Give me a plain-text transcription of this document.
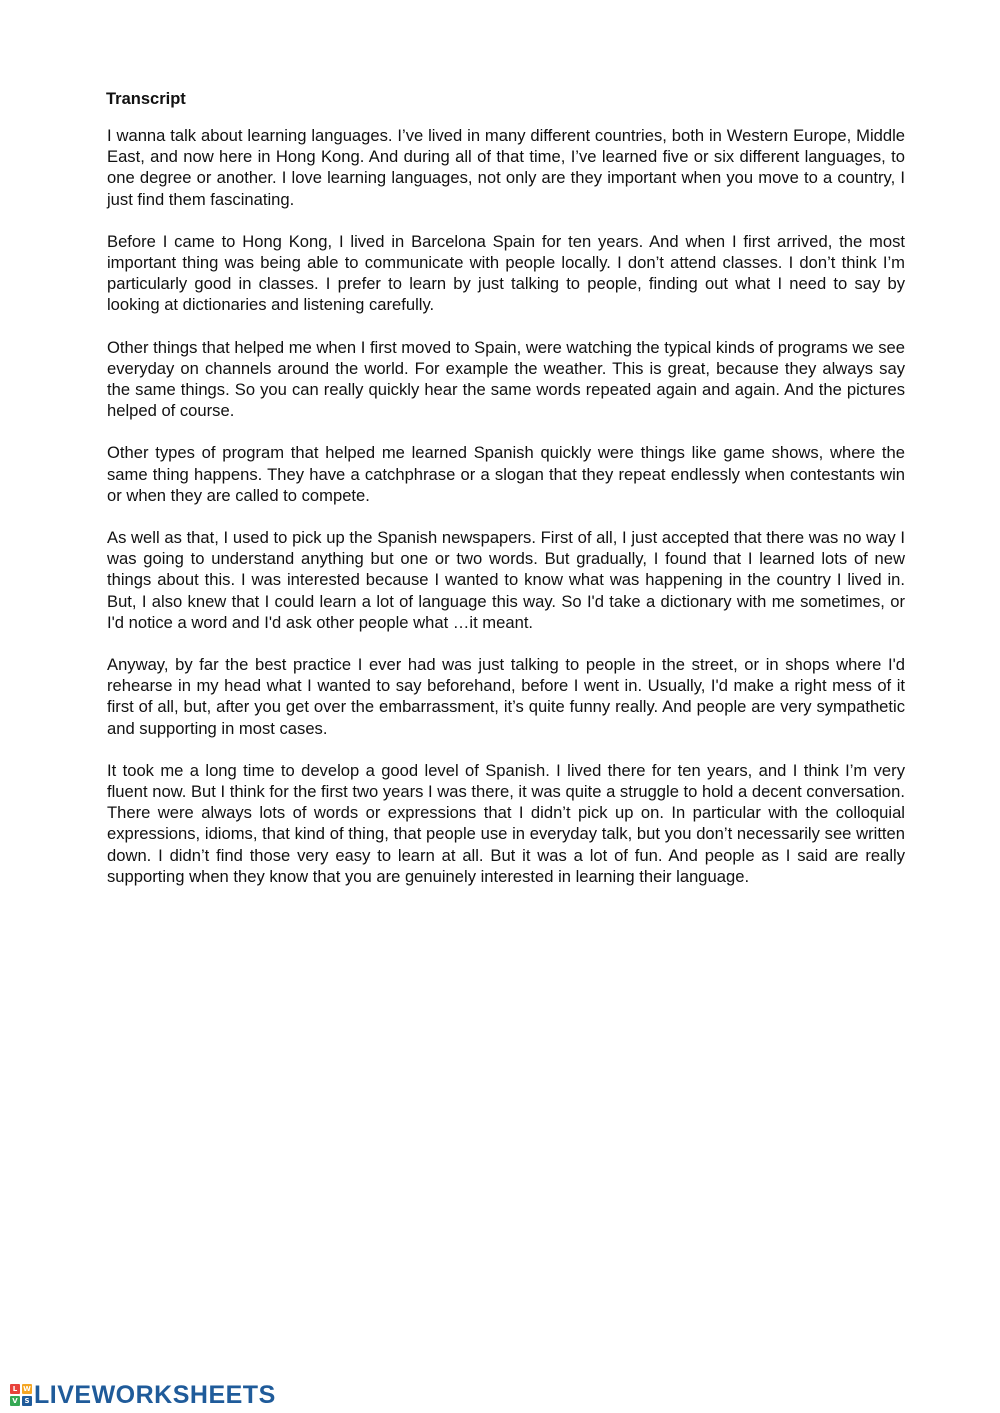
Transcript

I wanna talk about learning languages. I’ve lived in many different countries, both in Western Europe, Middle East, and now here in Hong Kong. And during all of that time, I’ve learned five or six different languages, to one degree or another. I love learning languages, not only are they important when you move to a country, I just find them fascinating.

Before I came to Hong Kong, I lived in Barcelona Spain for ten years. And when I first arrived, the most important thing was being able to communicate with people locally. I don’t attend classes. I don’t think I’m particularly good in classes. I prefer to learn by just talking to people, finding out what I need to say by looking at dictionaries and listening carefully.

Other things that helped me when I first moved to Spain, were watching the typical kinds of programs we see everyday on channels around the world. For example the weather. This is great, because they always say the same things. So you can really quickly hear the same words repeated again and again. And the pictures helped of course.

Other types of program that helped me learned Spanish quickly were things like game shows, where the same thing happens. They have a catchphrase or a slogan that they repeat endlessly when contestants win or when they are called to compete.

As well as that, I used to pick up the Spanish newspapers. First of all, I just accepted that there was no way I was going to understand anything but one or two words. But gradually, I found that I learned lots of new things about this. I was interested because I wanted to know what was happening in the country I lived in. But, I also knew that I could learn a lot of language this way. So I'd take a dictionary with me sometimes, or I'd notice a word and I'd ask other people what …it meant.

Anyway, by far the best practice I ever had was just talking to people in the street, or in shops where I'd rehearse in my head what I wanted to say beforehand, before I went in. Usually, I'd make a right mess of it first of all, but, after you get over the embarrassment, it’s quite funny really. And people are very sympathetic and supporting in most cases.

It took me a long time to develop a good level of Spanish. I lived there for ten years, and I think I’m very fluent now. But I think for the first two years I was there, it was quite a struggle to hold a decent conversation. There were always lots of words or expressions that I didn’t pick up on. In particular with the colloquial expressions, idioms, that kind of thing, that people use in everyday talk, but you don’t necessarily see written down. I didn’t find those very easy to learn at all. But it was a lot of fun. And people as I said are really supporting when they know that you are genuinely interested in learning their language.

L W
V S LIVEWORKSHEETS
